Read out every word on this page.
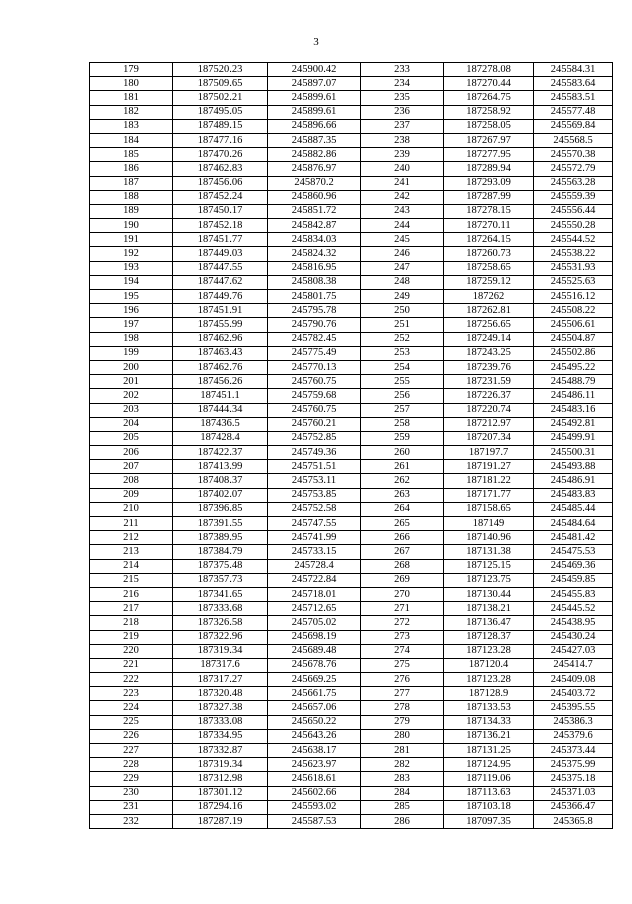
3
179	187520.23	245900.42	233	187278.08	245584.31
180	187509.65	245897.07	234	187270.44	245583.64
181	187502.21	245899.61	235	187264.75	245583.51
182	187495.05	245899.61	236	187258.92	245577.48
183	187489.15	245896.66	237	187258.05	245569.84
184	187477.16	245887.35	238	187267.97	245568.5
185	187470.26	245882.86	239	187277.95	245570.38
186	187462.83	245876.97	240	187289.94	245572.79
187	187456.06	245870.2	241	187293.09	245563.28
188	187452.24	245860.96	242	187287.99	245559.39
189	187450.17	245851.72	243	187278.15	245556.44
190	187452.18	245842.87	244	187270.11	245550.28
191	187451.77	245834.03	245	187264.15	245544.52
192	187449.03	245824.32	246	187260.73	245538.22
193	187447.55	245816.95	247	187258.65	245531.93
194	187447.62	245808.38	248	187259.12	245525.63
195	187449.76	245801.75	249	187262	245516.12
196	187451.91	245795.78	250	187262.81	245508.22
197	187455.99	245790.76	251	187256.65	245506.61
198	187462.96	245782.45	252	187249.14	245504.87
199	187463.43	245775.49	253	187243.25	245502.86
200	187462.76	245770.13	254	187239.76	245495.22
201	187456.26	245760.75	255	187231.59	245488.79
202	187451.1	245759.68	256	187226.37	245486.11
203	187444.34	245760.75	257	187220.74	245483.16
204	187436.5	245760.21	258	187212.97	245492.81
205	187428.4	245752.85	259	187207.34	245499.91
206	187422.37	245749.36	260	187197.7	245500.31
207	187413.99	245751.51	261	187191.27	245493.88
208	187408.37	245753.11	262	187181.22	245486.91
209	187402.07	245753.85	263	187171.77	245483.83
210	187396.85	245752.58	264	187158.65	245485.44
211	187391.55	245747.55	265	187149	245484.64
212	187389.95	245741.99	266	187140.96	245481.42
213	187384.79	245733.15	267	187131.38	245475.53
214	187375.48	245728.4	268	187125.15	245469.36
215	187357.73	245722.84	269	187123.75	245459.85
216	187341.65	245718.01	270	187130.44	245455.83
217	187333.68	245712.65	271	187138.21	245445.52
218	187326.58	245705.02	272	187136.47	245438.95
219	187322.96	245698.19	273	187128.37	245430.24
220	187319.34	245689.48	274	187123.28	245427.03
221	187317.6	245678.76	275	187120.4	245414.7
222	187317.27	245669.25	276	187123.28	245409.08
223	187320.48	245661.75	277	187128.9	245403.72
224	187327.38	245657.06	278	187133.53	245395.55
225	187333.08	245650.22	279	187134.33	245386.3
226	187334.95	245643.26	280	187136.21	245379.6
227	187332.87	245638.17	281	187131.25	245373.44
228	187319.34	245623.97	282	187124.95	245375.99
229	187312.98	245618.61	283	187119.06	245375.18
230	187301.12	245602.66	284	187113.63	245371.03
231	187294.16	245593.02	285	187103.18	245366.47
232	187287.19	245587.53	286	187097.35	245365.8
